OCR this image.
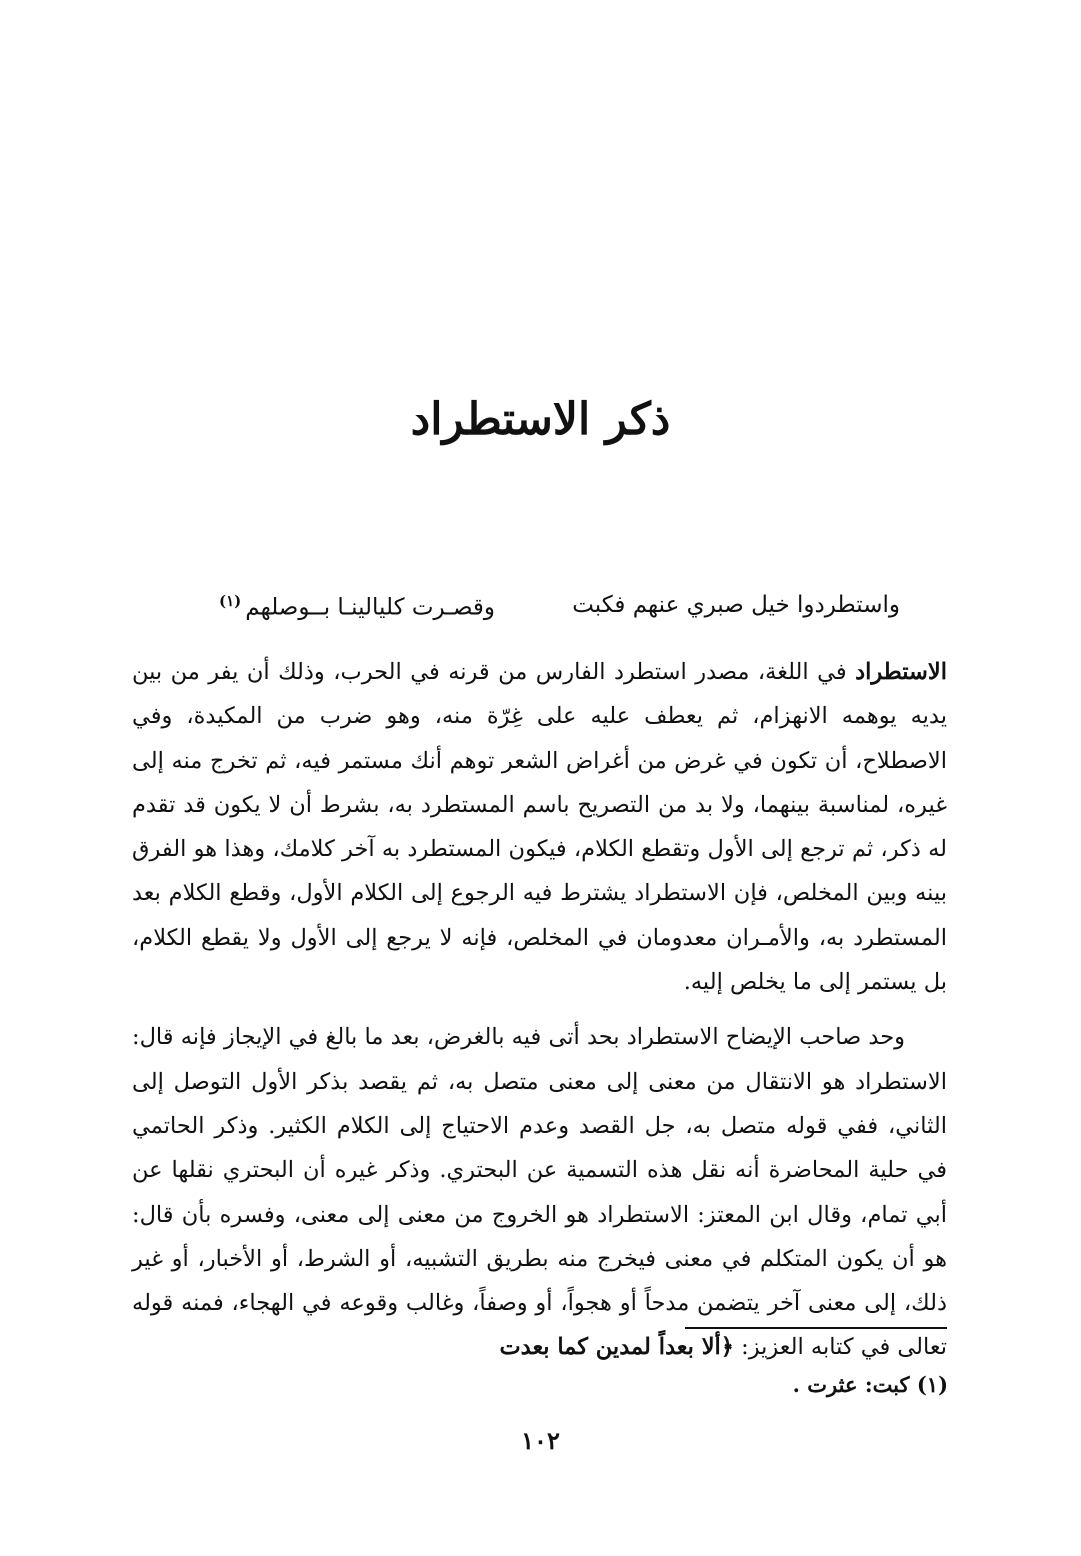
ذكر الاستطراد
واستطردوا خيل صبري عنهم فكبت
وقصـرت كليالينـا بــوصلهم$^{(١)}$

الاستطراد في اللغة، مصدر استطرد الفارس من قرنه في الحرب، وذلك أن يفر من بين يديه يوهمه الانهزام، ثم يعطف عليه على غِرّة منه، وهو ضرب من المكيدة، وفي الاصطلاح، أن تكون في غرض من أغراض الشعر توهم أنك مستمر فيه، ثم تخرج منه إلى غيره، لمناسبة بينهما، ولا بد من التصريح باسم المستطرد به، بشرط أن لا يكون قد تقدم له ذكر، ثم ترجع إلى الأول وتقطع الكلام، فيكون المستطرد به آخر كلامك، وهذا هو الفرق بينه وبين المخلص، فإن الاستطراد يشترط فيه الرجوع إلى الكلام الأول، وقطع الكلام بعد المستطرد به، والأمـران معدومان في المخلص، فإنه لا يرجع إلى الأول ولا يقطع الكلام، بل يستمر إلى ما يخلص إليه.

وحد صاحب الإيضاح الاستطراد بحد أتى فيه بالغرض، بعد ما بالغ في الإيجاز فإنه قال: الاستطراد هو الانتقال من معنى إلى معنى متصل به، ثم يقصد بذكر الأول التوصل إلى الثاني، ففي قوله متصل به، جل القصد وعدم الاحتياج إلى الكلام الكثير. وذكر الحاتمي في حلية المحاضرة أنه نقل هذه التسمية عن البحتري. وذكر غيره أن البحتري نقلها عن أبي تمام، وقال ابن المعتز: الاستطراد هو الخروج من معنى إلى معنى، وفسره بأن قال: هو أن يكون المتكلم في معنى فيخرج منه بطريق التشبيه، أو الشرط، أو الأخبار، أو غير ذلك، إلى معنى آخر يتضمن مدحاً أو هجواً، أو وصفاً، وغالب وقوعه في الهجاء، فمنه قوله تعالى في كتابه العزيز: ﴿ألا بعداً لمدين كما بعدت

(١) كبت: عثرت .
١٠٢
